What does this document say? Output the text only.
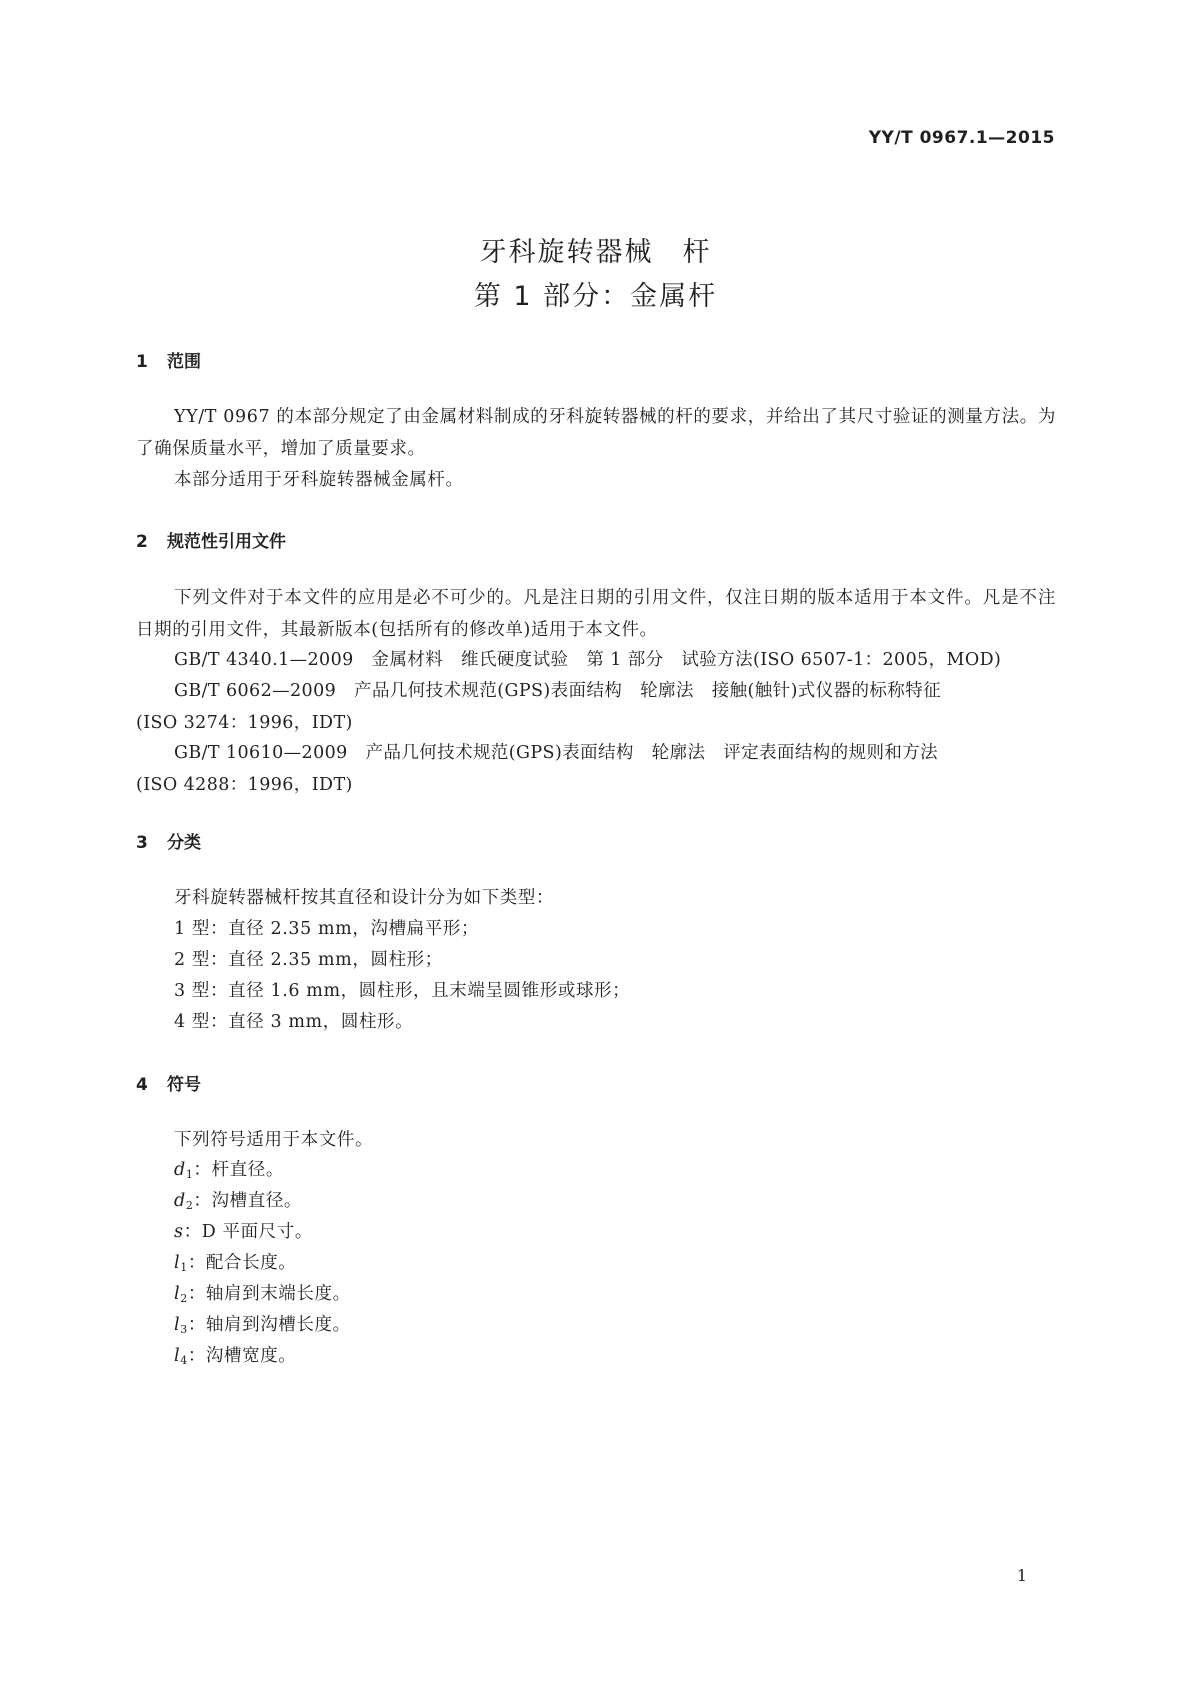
YY/T 0967.1—2015
牙科旋转器械　杆
第 1 部分：金属杆
1 范围
YY/T 0967 的本部分规定了由金属材料制成的牙科旋转器械的杆的要求，并给出了其尺寸验证的测量方法。为了确保质量水平，增加了质量要求。
本部分适用于牙科旋转器械金属杆。
2 规范性引用文件
下列文件对于本文件的应用是必不可少的。凡是注日期的引用文件，仅注日期的版本适用于本文件。凡是不注日期的引用文件，其最新版本(包括所有的修改单)适用于本文件。
GB/T 4340.1—2009　金属材料　维氏硬度试验　第 1 部分　试验方法(ISO 6507-1：2005，MOD)
GB/T 6062—2009　产品几何技术规范(GPS)表面结构　轮廓法　接触(触针)式仪器的标称特征
(ISO 3274：1996，IDT)
GB/T 10610—2009　产品几何技术规范(GPS)表面结构　轮廓法　评定表面结构的规则和方法
(ISO 4288：1996，IDT)
3 分类
牙科旋转器械杆按其直径和设计分为如下类型：
1 型：直径 2.35 mm，沟槽扁平形；
2 型：直径 2.35 mm，圆柱形；
3 型：直径 1.6 mm，圆柱形，且末端呈圆锥形或球形；
4 型：直径 3 mm，圆柱形。
4 符号
下列符号适用于本文件。
$d_1$：杆直径。
$d_2$：沟槽直径。
s：D 平面尺寸。
$l_1$：配合长度。
$l_2$：轴肩到末端长度。
$l_3$：轴肩到沟槽长度。
$l_4$：沟槽宽度。
1
